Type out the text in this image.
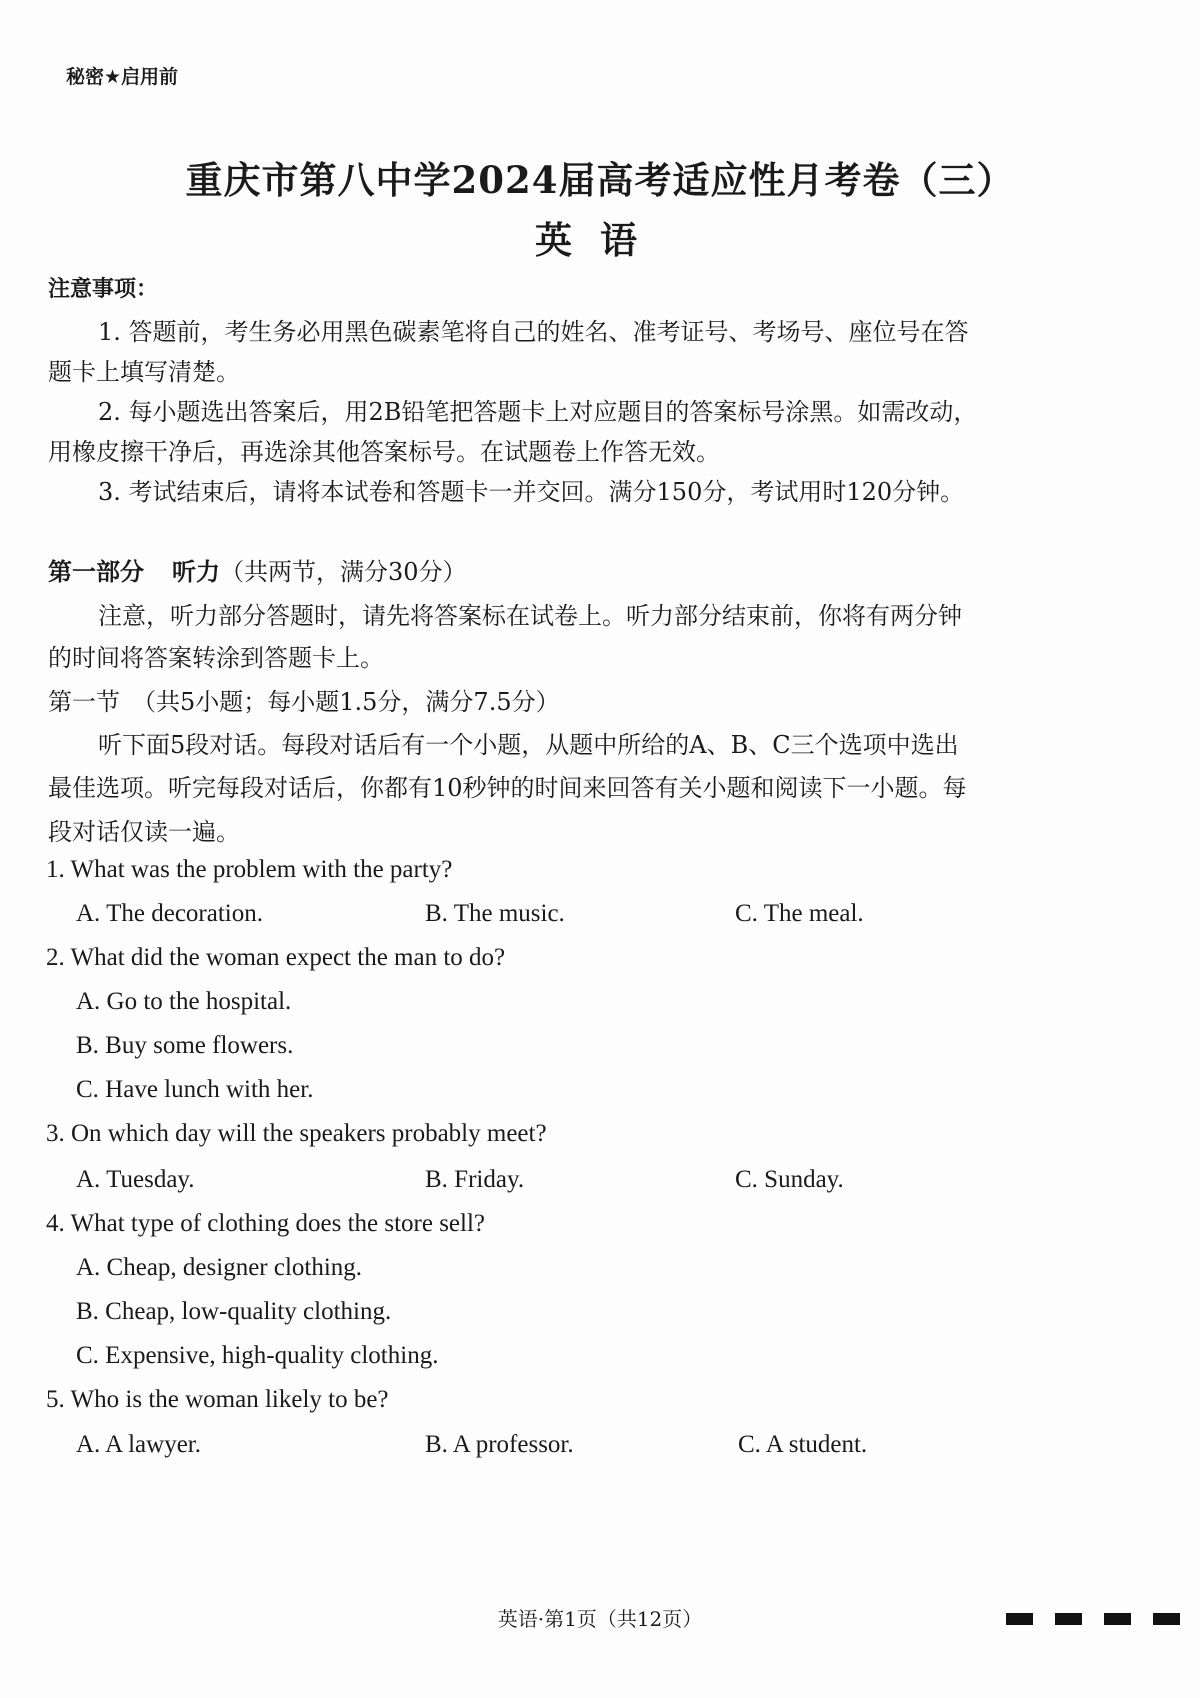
秘密★启用前
重庆市第八中学2024届高考适应性月考卷（三）
英语
注意事项：
1. 答题前，考生务必用黑色碳素笔将自己的姓名、准考证号、考场号、座位号在答
题卡上填写清楚。
2. 每小题选出答案后，用2B铅笔把答题卡上对应题目的答案标号涂黑。如需改动，
用橡皮擦干净后，再选涂其他答案标号。在试题卷上作答无效。
3. 考试结束后，请将本试卷和答题卡一并交回。满分150分，考试用时120分钟。
第一部分 听力（共两节，满分30分）
注意，听力部分答题时，请先将答案标在试卷上。听力部分结束前，你将有两分钟
的时间将答案转涂到答题卡上。
第一节　（共5小题；每小题1.5分，满分7.5分）
听下面5段对话。每段对话后有一个小题，从题中所给的A、B、C三个选项中选出
最佳选项。听完每段对话后，你都有10秒钟的时间来回答有关小题和阅读下一小题。每
段对话仅读一遍。
1. What was the problem with the party?
A. The decoration.	B. The music.	C. The meal.
2. What did the woman expect the man to do?
A. Go to the hospital.
B. Buy some flowers.
C. Have lunch with her.
3. On which day will the speakers probably meet?
A. Tuesday.	B. Friday.	C. Sunday.
4. What type of clothing does the store sell?
A. Cheap, designer clothing.
B. Cheap, low-quality clothing.
C. Expensive, high-quality clothing.
5. Who is the woman likely to be?
A. A lawyer.	B. A professor.	C. A student.
英语·第1页（共12页）
